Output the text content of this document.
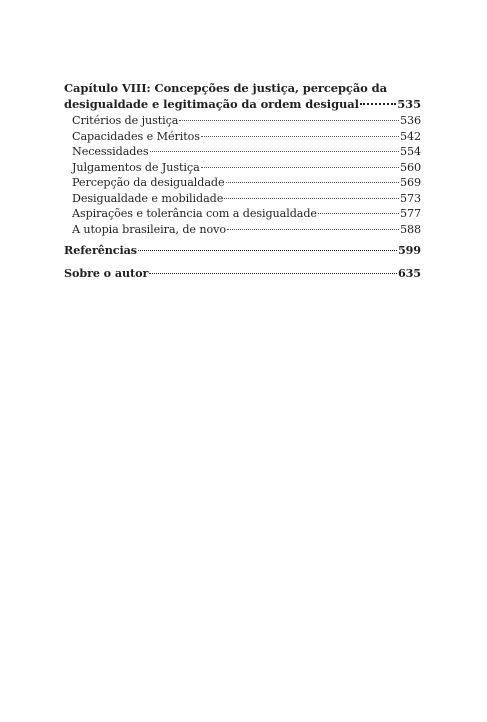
Capítulo VIII: Concepções de justiça, percepção da
desigualdade e legitimação da ordem desigual	535
Critérios de justiça	536
Capacidades e Méritos	542
Necessidades	554
Julgamentos de Justiça	560
Percepção da desigualdade	569
Desigualdade e mobilidade	573
Aspirações e tolerância com a desigualdade	577
A utopia brasileira, de novo	588
Referências	599
Sobre o autor	635
